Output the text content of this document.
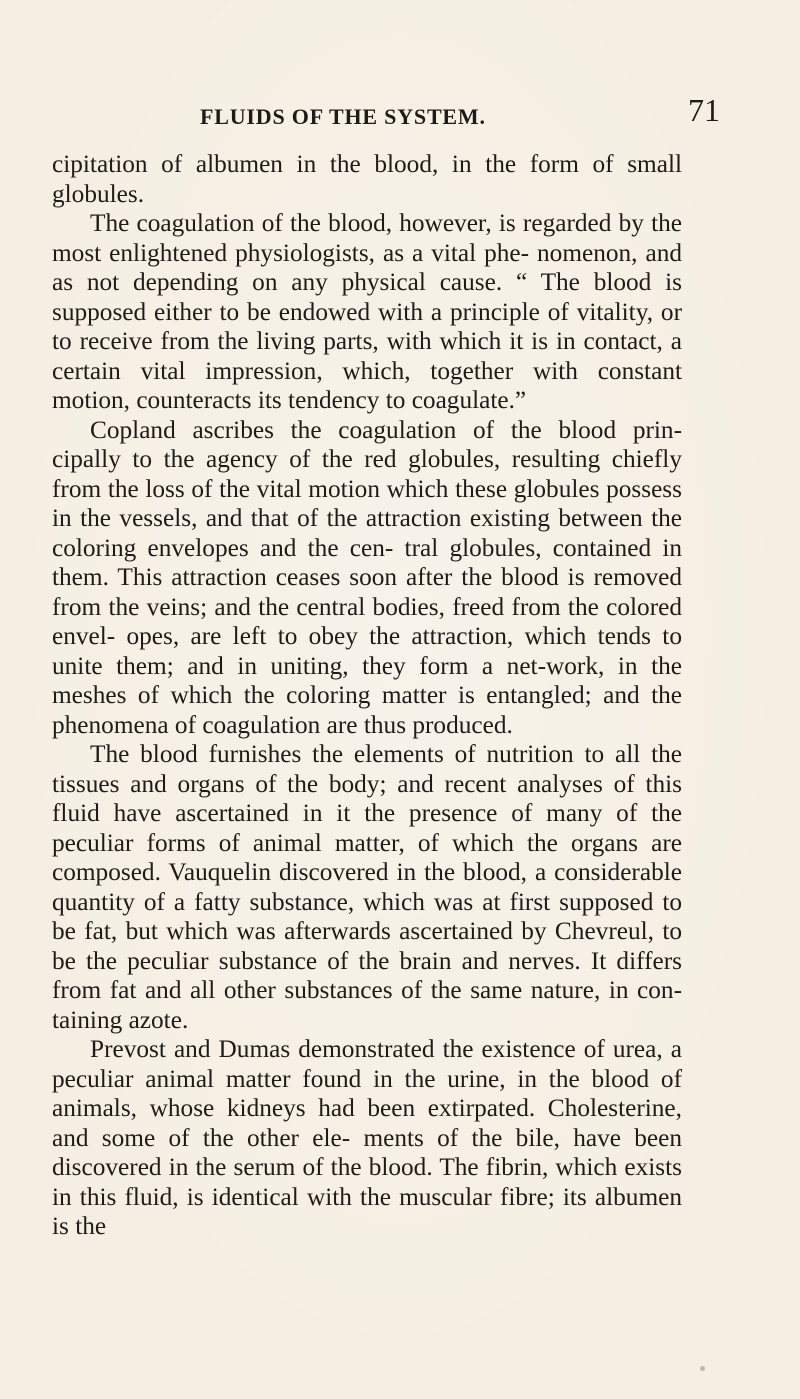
FLUIDS OF THE SYSTEM.	71

cipitation of albumen in the blood, in the form of small globules.

The coagulation of the blood, however, is regarded by the most enlightened physiologists, as a vital phe- nomenon, and as not depending on any physical cause. “ The blood is supposed either to be endowed with a principle of vitality, or to receive from the living parts, with which it is in contact, a certain vital impression, which, together with constant motion, counteracts its tendency to coagulate.”

Copland ascribes the coagulation of the blood prin- cipally to the agency of the red globules, resulting chiefly from the loss of the vital motion which these globules possess in the vessels, and that of the attraction existing between the coloring envelopes and the cen- tral globules, contained in them. This attraction ceases soon after the blood is removed from the veins; and the central bodies, freed from the colored envel- opes, are left to obey the attraction, which tends to unite them; and in uniting, they form a net-work, in the meshes of which the coloring matter is entangled; and the phenomena of coagulation are thus produced.

The blood furnishes the elements of nutrition to all the tissues and organs of the body; and recent analyses of this fluid have ascertained in it the presence of many of the peculiar forms of animal matter, of which the organs are composed. Vauquelin discovered in the blood, a considerable quantity of a fatty substance, which was at first supposed to be fat, but which was afterwards ascertained by Chevreul, to be the peculiar substance of the brain and nerves. It differs from fat and all other substances of the same nature, in con- taining azote.

Prevost and Dumas demonstrated the existence of urea, a peculiar animal matter found in the urine, in the blood of animals, whose kidneys had been extirpated. Cholesterine, and some of the other ele- ments of the bile, have been discovered in the serum of the blood. The fibrin, which exists in this fluid, is identical with the muscular fibre; its albumen is the
